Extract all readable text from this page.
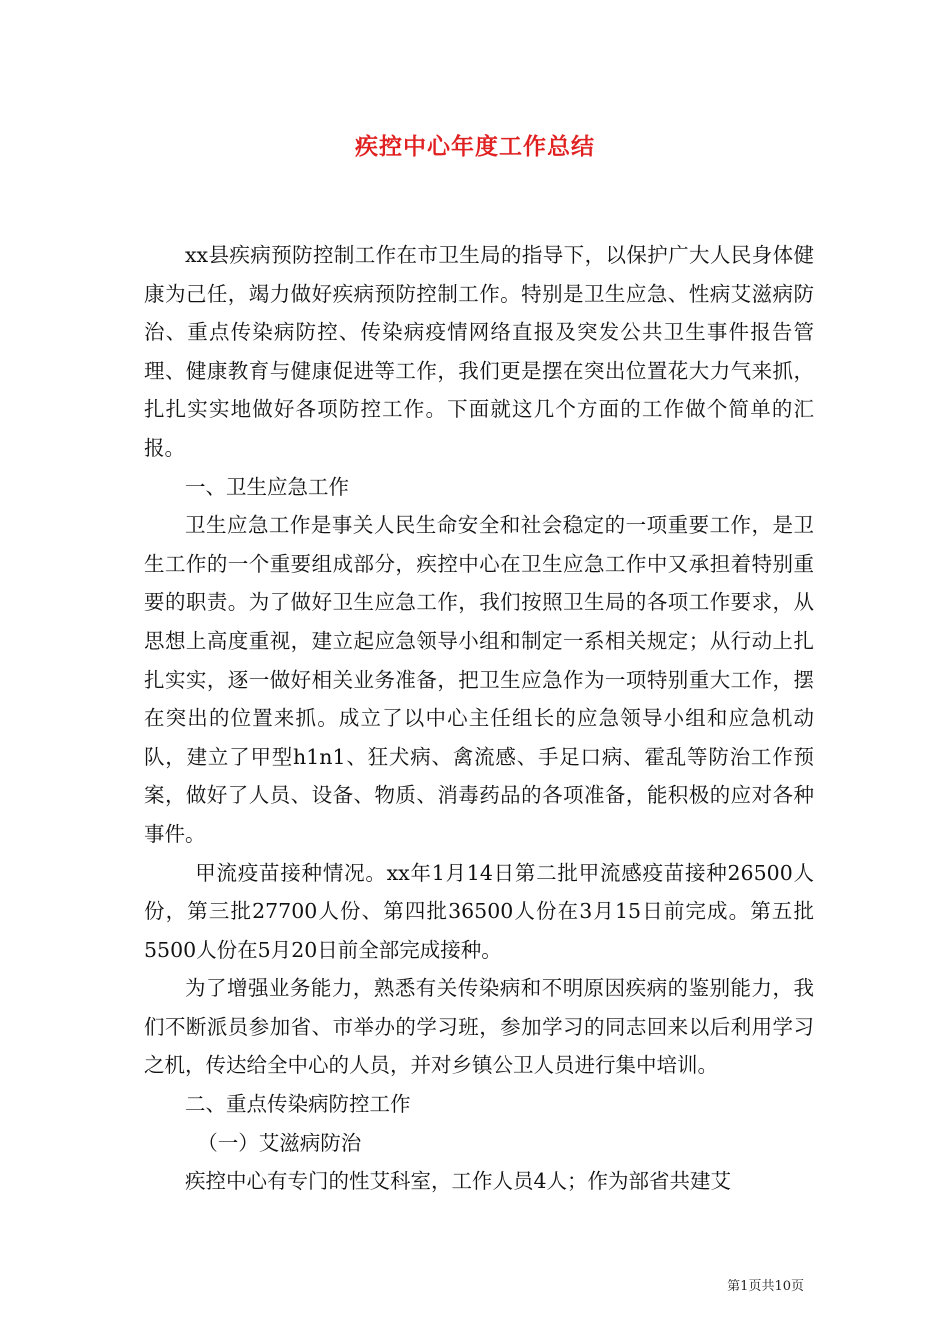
疾控中心年度工作总结

xx县疾病预防控制工作在市卫生局的指导下，以保护广大人民身体健康为己任，竭力做好疾病预防控制工作。特别是卫生应急、性病艾滋病防治、重点传染病防控、传染病疫情网络直报及突发公共卫生事件报告管理、健康教育与健康促进等工作，我们更是摆在突出位置花大力气来抓，扎扎实实地做好各项防控工作。下面就这几个方面的工作做个简单的汇报。

一、卫生应急工作

卫生应急工作是事关人民生命安全和社会稳定的一项重要工作，是卫生工作的一个重要组成部分，疾控中心在卫生应急工作中又承担着特别重要的职责。为了做好卫生应急工作，我们按照卫生局的各项工作要求，从思想上高度重视，建立起应急领导小组和制定一系相关规定；从行动上扎扎实实，逐一做好相关业务准备，把卫生应急作为一项特别重大工作，摆在突出的位置来抓。成立了以中心主任组长的应急领导小组和应急机动队，建立了甲型h1n1、狂犬病、禽流感、手足口病、霍乱等防治工作预案，做好了人员、设备、物质、消毒药品的各项准备，能积极的应对各种事件。

甲流疫苗接种情况。xx年1月14日第二批甲流感疫苗接种26500人份，第三批27700人份、第四批36500人份在3月15日前完成。第五批5500人份在5月20日前全部完成接种。

为了增强业务能力，熟悉有关传染病和不明原因疾病的鉴别能力，我们不断派员参加省、市举办的学习班，参加学习的同志回来以后利用学习之机，传达给全中心的人员，并对乡镇公卫人员进行集中培训。

二、重点传染病防控工作

（一）艾滋病防治

疾控中心有专门的性艾科室，工作人员4人；作为部省共建艾

第1页共10页
